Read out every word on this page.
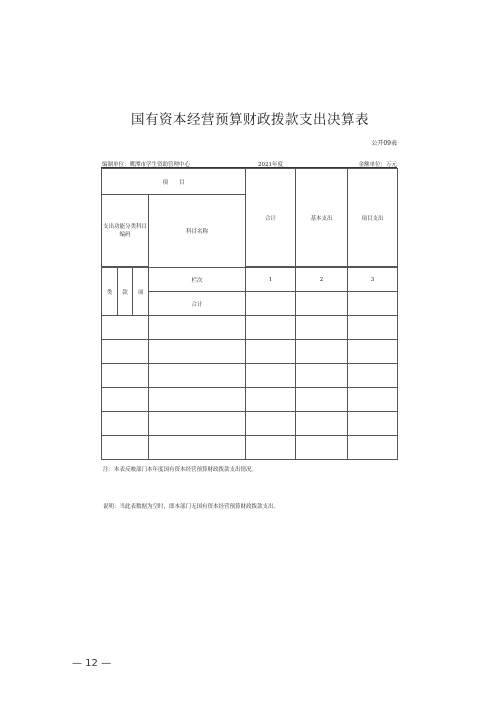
国有资本经营预算财政拨款支出决算表
公开09表
编制单位：鹰潭市学生资助管理中心	2021年度	金额单位：万元
项　　目				合计	基本支出	项目支出
支出功能分类科目编码			科目名称			

类	款	项	栏次	1	2	3
			合计			

注：本表反映部门本年度国有资本经营预算财政拨款支出情况。
说明：当此表数据为空时，即本部门无国有资本经营预算财政拨款支出。
— 12 —
